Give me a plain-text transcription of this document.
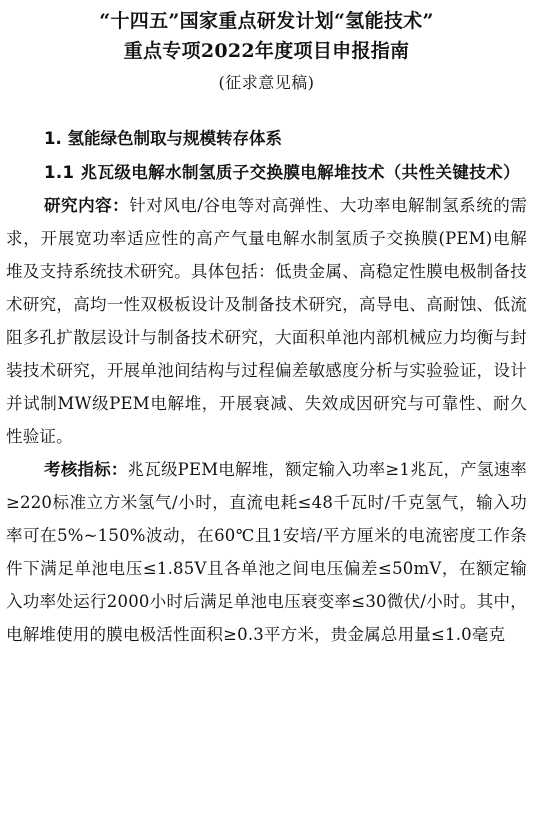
“十四五”国家重点研发计划“氢能技术”
重点专项2022年度项目申报指南
(征求意见稿)
1. 氢能绿色制取与规模转存体系
1.1 兆瓦级电解水制氢质子交换膜电解堆技术（共性关键技术）

研究内容：针对风电/谷电等对高弹性、大功率电解制氢系统的需求，开展宽功率适应性的高产气量电解水制氢质子交换膜(PEM)电解堆及支持系统技术研究。具体包括：低贵金属、高稳定性膜电极制备技术研究，高均一性双极板设计及制备技术研究，高导电、高耐蚀、低流阻多孔扩散层设计与制备技术研究，大面积单池内部机械应力均衡与封装技术研究，开展单池间结构与过程偏差敏感度分析与实验验证，设计并试制MW级PEM电解堆，开展衰减、失效成因研究与可靠性、耐久性验证。

考核指标：兆瓦级PEM电解堆，额定输入功率≥1兆瓦，产氢速率≥220标准立方米氢气/小时，直流电耗≤48千瓦时/千克氢气，输入功率可在5%~150%波动，在60℃且1安培/平方厘米的电流密度工作条件下满足单池电压≤1.85V且各单池之间电压偏差≤50mV，在额定输入功率处运行2000小时后满足单池电压衰变率≤30微伏/小时。其中，电解堆使用的膜电极活性面积≥0.3平方米，贵金属总用量≤1.0毫克
